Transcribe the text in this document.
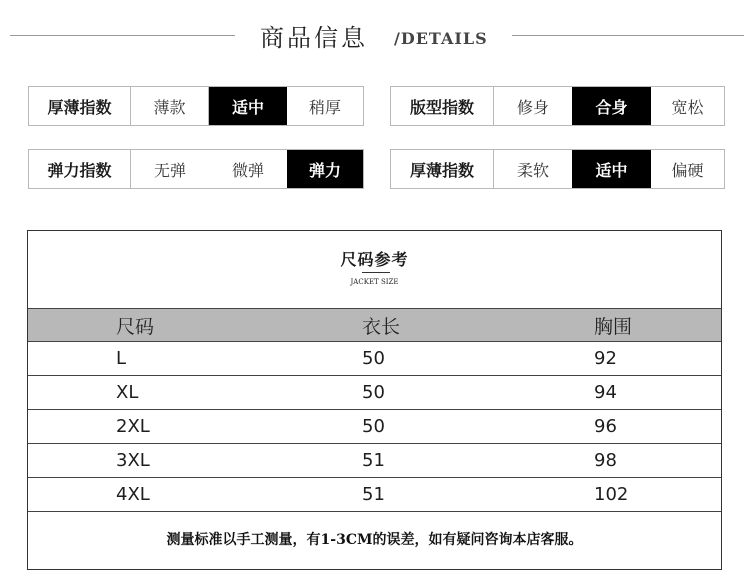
商品信息 /DETAILS
厚薄指数	薄款	适中	稍厚	版型指数	修身	合身	宽松
弹力指数	无弹	微弹	弹力	厚薄指数	柔软	适中	偏硬
尺码参考
JACKET SIZE
尺码	衣长	胸围
L	50	92
XL	50	94
2XL	50	96
3XL	51	98
4XL	51	102
测量标准以手工测量，有1-3CM的误差，如有疑问咨询本店客服。
